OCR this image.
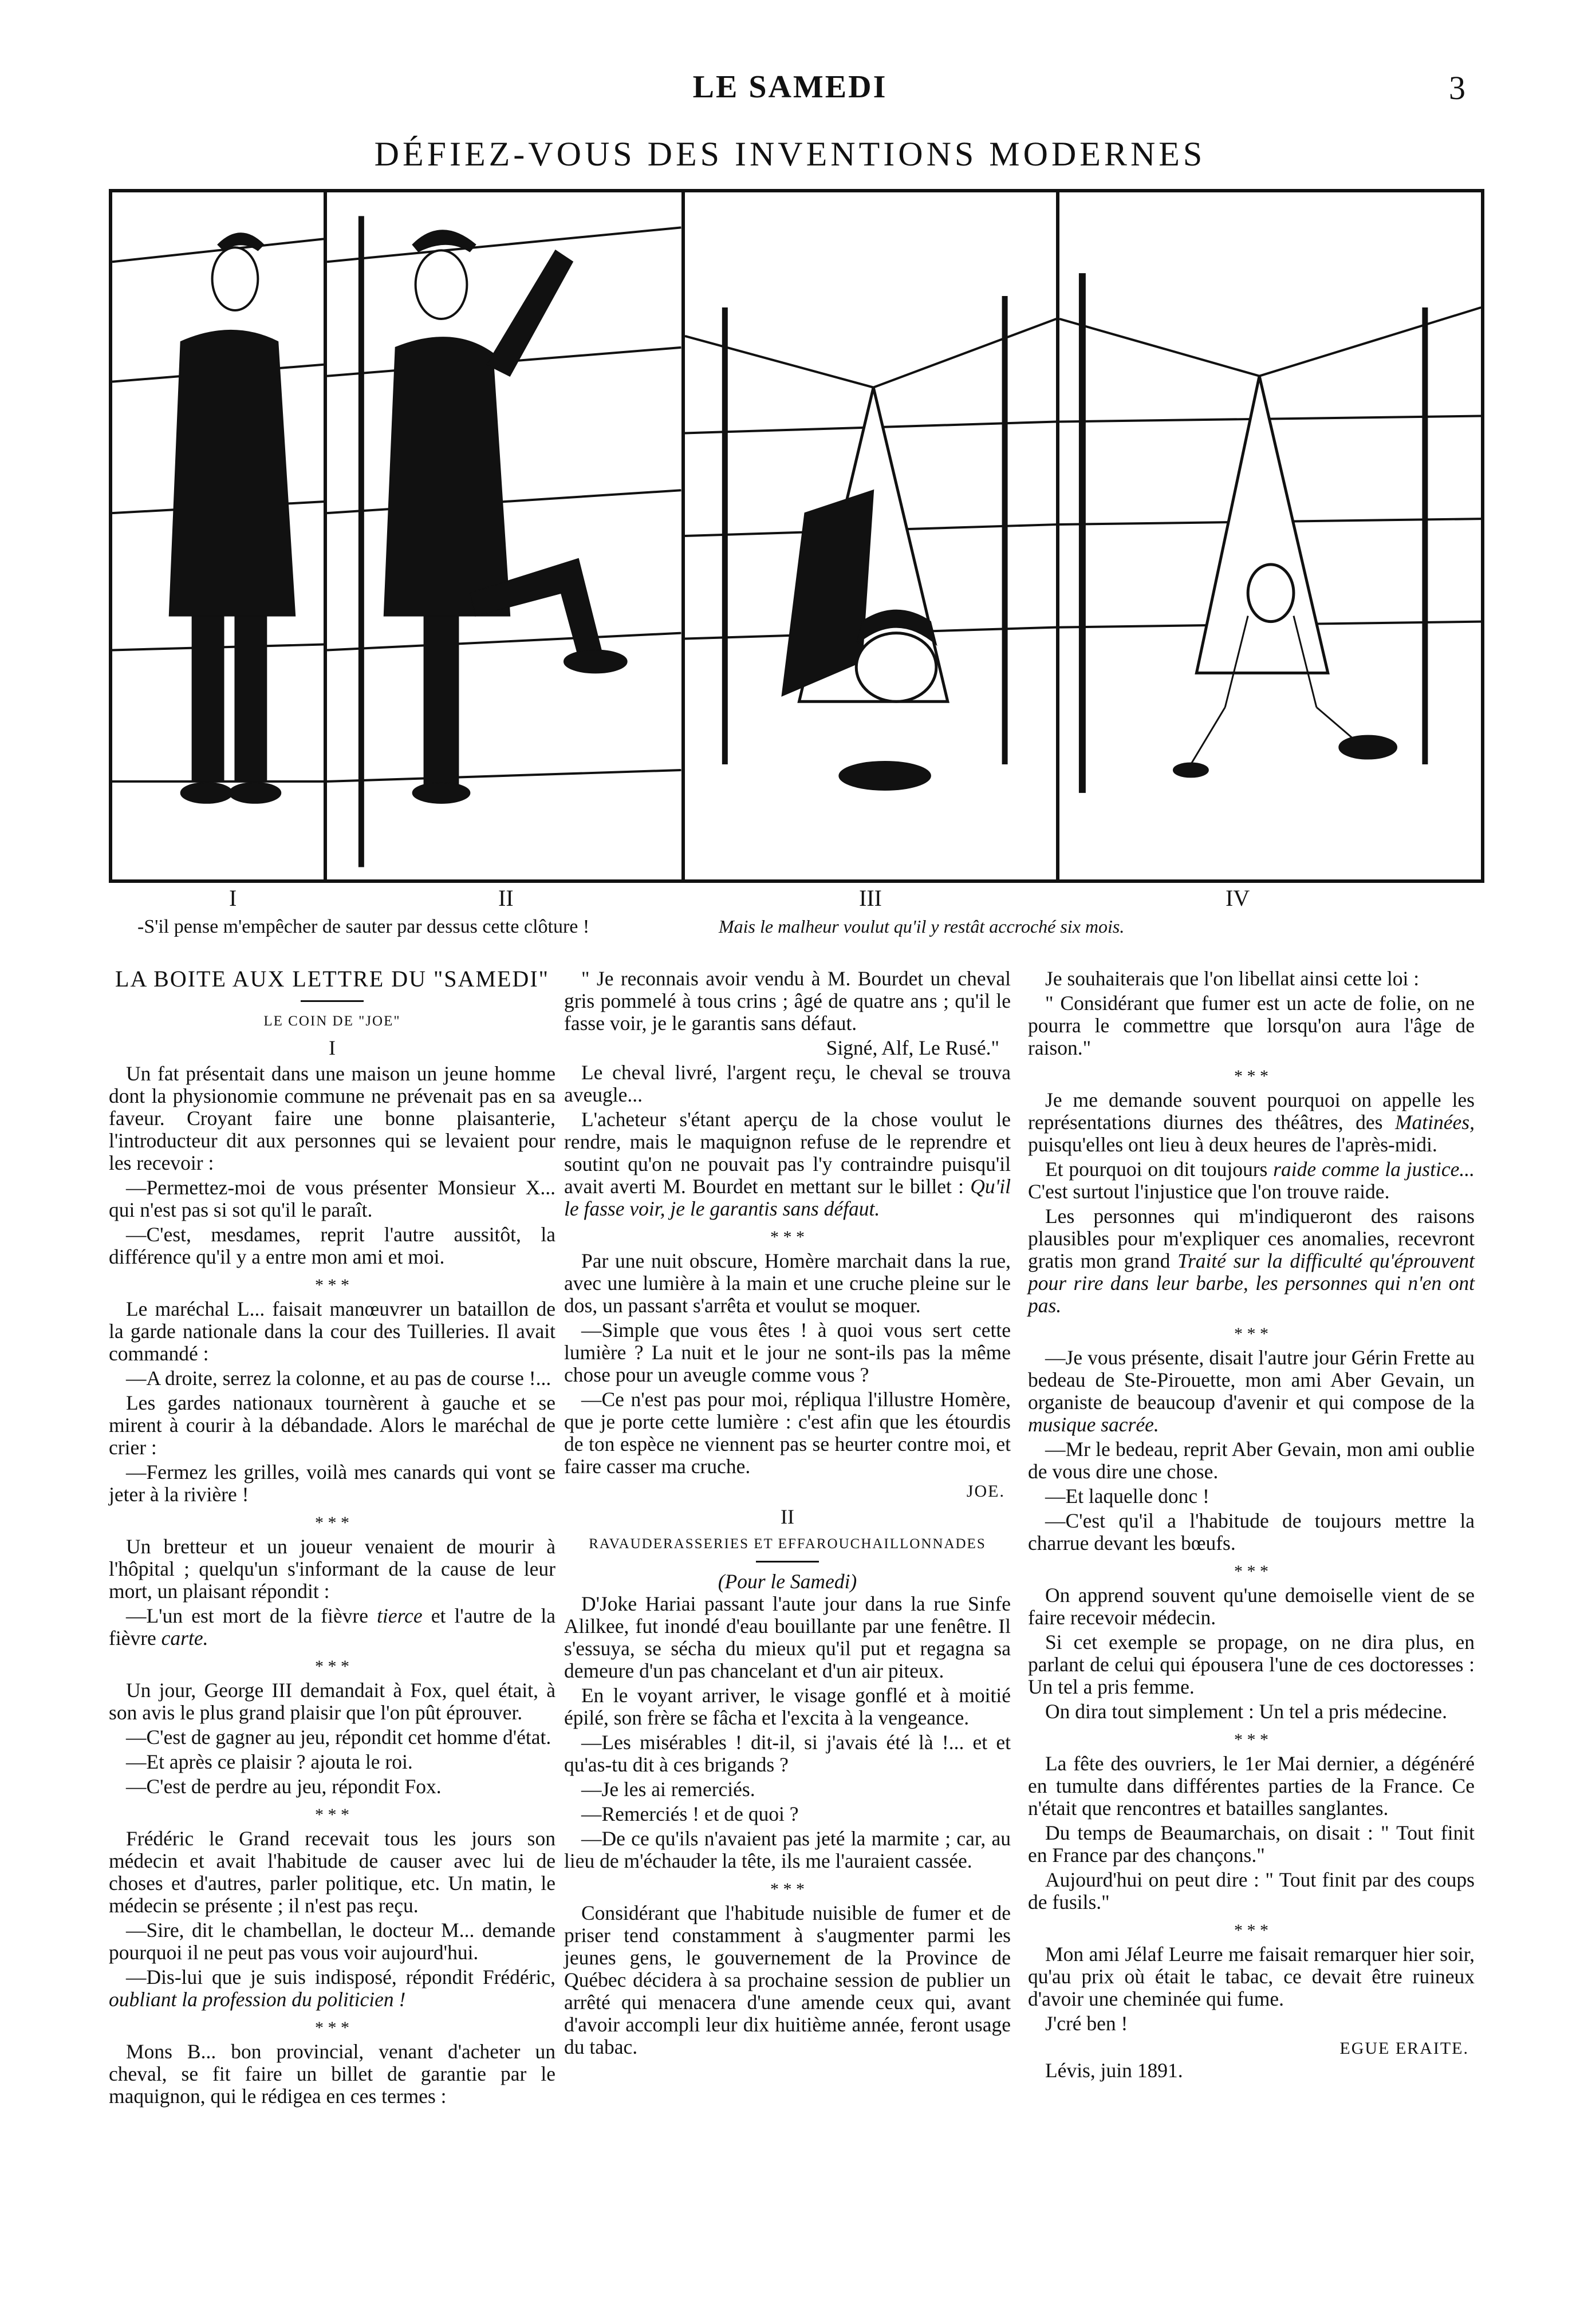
LE SAMEDI	3
DÉFIEZ-VOUS DES INVENTIONS MODERNES
I	II	III	IV
-S'il pense m'empêcher de sauter par dessus cette clôture !	Mais le malheur voulut qu'il y restât accroché six mois.
LA BOITE AUX LETTRE DU "SAMEDI"
LE COIN DE "JOE"
I

Un fat présentait dans une maison un jeune homme dont la physionomie commune ne prévenait pas en sa faveur. Croyant faire une bonne plaisanterie, l'introducteur dit aux personnes qui se levaient pour les recevoir :

—Permettez-moi de vous présenter Monsieur X... qui n'est pas si sot qu'il le paraît.

—C'est, mesdames, reprit l'autre aussitôt, la différence qu'il y a entre mon ami et moi.

* * *

Le maréchal L... faisait manœuvrer un bataillon de la garde nationale dans la cour des Tuilleries. Il avait commandé :

—A droite, serrez la colonne, et au pas de course !...

Les gardes nationaux tournèrent à gauche et se mirent à courir à la débandade. Alors le maréchal de crier :

—Fermez les grilles, voilà mes canards qui vont se jeter à la rivière !

* * *

Un bretteur et un joueur venaient de mourir à l'hôpital ; quelqu'un s'informant de la cause de leur mort, un plaisant répondit :

—L'un est mort de la fièvre tierce et l'autre de la fièvre carte.

* * *

Un jour, George III demandait à Fox, quel était, à son avis le plus grand plaisir que l'on pût éprouver.

—C'est de gagner au jeu, répondit cet homme d'état.

—Et après ce plaisir ? ajouta le roi.

—C'est de perdre au jeu, répondit Fox.

* * *

Frédéric le Grand recevait tous les jours son médecin et avait l'habitude de causer avec lui de choses et d'autres, parler politique, etc. Un matin, le médecin se présente ; il n'est pas reçu.

—Sire, dit le chambellan, le docteur M... demande pourquoi il ne peut pas vous voir aujourd'hui.

—Dis-lui que je suis indisposé, répondit Frédéric, oubliant la profession du politicien !

* * *

Mons B... bon provincial, venant d'acheter un cheval, se fit faire un billet de garantie par le maquignon, qui le rédigea en ces termes :

" Je reconnais avoir vendu à M. Bourdet un cheval gris pommelé à tous crins ; âgé de quatre ans ; qu'il le fasse voir, je le garantis sans défaut.

Signé, Alf, Le Rusé."

Le cheval livré, l'argent reçu, le cheval se trouva aveugle...

L'acheteur s'étant aperçu de la chose voulut le rendre, mais le maquignon refuse de le reprendre et soutint qu'on ne pouvait pas l'y contraindre puisqu'il avait averti M. Bourdet en mettant sur le billet : Qu'il le fasse voir, je le garantis sans défaut.

* * *

Par une nuit obscure, Homère marchait dans la rue, avec une lumière à la main et une cruche pleine sur le dos, un passant s'arrêta et voulut se moquer.

—Simple que vous êtes ! à quoi vous sert cette lumière ? La nuit et le jour ne sont-ils pas la même chose pour un aveugle comme vous ?

—Ce n'est pas pour moi, répliqua l'illustre Homère, que je porte cette lumière : c'est afin que les étourdis de ton espèce ne viennent pas se heurter contre moi, et faire casser ma cruche.

JOE.
II
RAVAUDERASSERIES ET EFFAROUCHAILLONNADES
(Pour le Samedi)

D'Joke Hariai passant l'aute jour dans la rue Sinfe Alilkee, fut inondé d'eau bouillante par une fenêtre. Il s'essuya, se sécha du mieux qu'il put et regagna sa demeure d'un pas chancelant et d'un air piteux.

En le voyant arriver, le visage gonflé et à moitié épilé, son frère se fâcha et l'excita à la vengeance.

—Les misérables ! dit-il, si j'avais été là !... et et qu'as-tu dit à ces brigands ?

—Je les ai remerciés.

—Remerciés ! et de quoi ?

—De ce qu'ils n'avaient pas jeté la marmite ; car, au lieu de m'échauder la tête, ils me l'auraient cassée.

* * *

Considérant que l'habitude nuisible de fumer et de priser tend constamment à s'augmenter parmi les jeunes gens, le gouvernement de la Province de Québec décidera à sa prochaine session de publier un arrêté qui menacera d'une amende ceux qui, avant d'avoir accompli leur dix huitième année, feront usage du tabac.

Je souhaiterais que l'on libellat ainsi cette loi :

" Considérant que fumer est un acte de folie, on ne pourra le commettre que lorsqu'on aura l'âge de raison."

* * *

Je me demande souvent pourquoi on appelle les représentations diurnes des théâtres, des Matinées, puisqu'elles ont lieu à deux heures de l'après-midi.

Et pourquoi on dit toujours raide comme la justice... C'est surtout l'injustice que l'on trouve raide.

Les personnes qui m'indiqueront des raisons plausibles pour m'expliquer ces anomalies, recevront gratis mon grand Traité sur la difficulté qu'éprouvent pour rire dans leur barbe, les personnes qui n'en ont pas.

* * *

—Je vous présente, disait l'autre jour Gérin Frette au bedeau de Ste-Pirouette, mon ami Aber Gevain, un organiste de beaucoup d'avenir et qui compose de la musique sacrée.

—Mr le bedeau, reprit Aber Gevain, mon ami oublie de vous dire une chose.

—Et laquelle donc !

—C'est qu'il a l'habitude de toujours mettre la charrue devant les bœufs.

* * *

On apprend souvent qu'une demoiselle vient de se faire recevoir médecin.

Si cet exemple se propage, on ne dira plus, en parlant de celui qui épousera l'une de ces doctoresses : Un tel a pris femme.

On dira tout simplement : Un tel a pris médecine.

* * *

La fête des ouvriers, le 1er Mai dernier, a dégénéré en tumulte dans différentes parties de la France. Ce n'était que rencontres et batailles sanglantes.

Du temps de Beaumarchais, on disait : " Tout finit en France par des chançons."

Aujourd'hui on peut dire : " Tout finit par des coups de fusils."

* * *

Mon ami Jélaf Leurre me faisait remarquer hier soir, qu'au prix où était le tabac, ce devait être ruineux d'avoir une cheminée qui fume.

J'cré ben !

EGUE ERAITE.

Lévis, juin 1891.
